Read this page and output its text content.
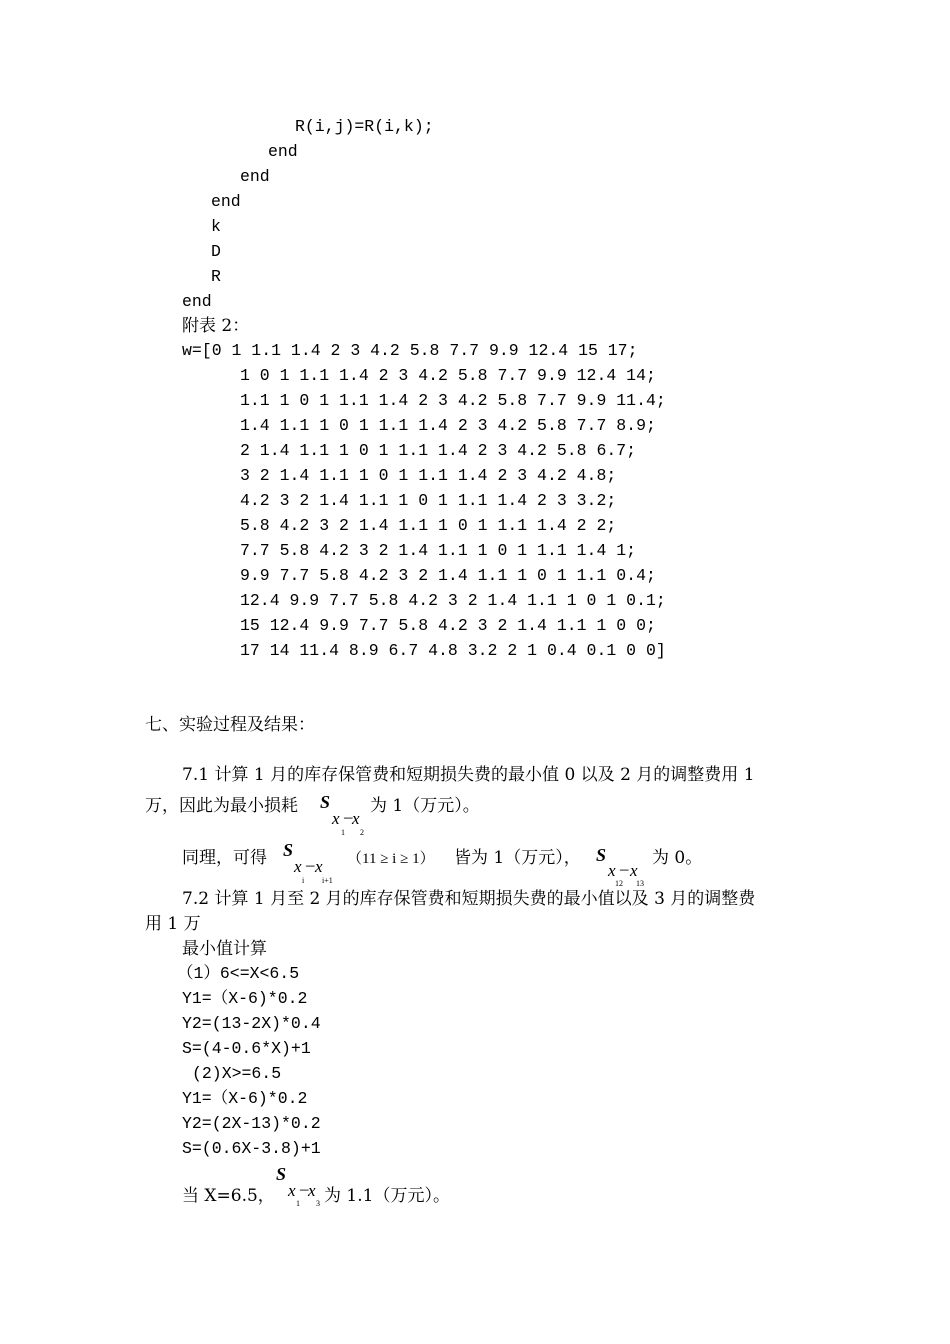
R(i,j)=R(i,k);
end
end
end
k
D
R
end
附表 2：
w=[0 1 1.1 1.4 2 3 4.2 5.8 7.7 9.9 12.4 15 17;
1 0 1 1.1 1.4 2 3 4.2 5.8 7.7 9.9 12.4 14;
1.1 1 0 1 1.1 1.4 2 3 4.2 5.8 7.7 9.9 11.4;
1.4 1.1 1 0 1 1.1 1.4 2 3 4.2 5.8 7.7 8.9;
2 1.4 1.1 1 0 1 1.1 1.4 2 3 4.2 5.8 6.7;
3 2 1.4 1.1 1 0 1 1.1 1.4 2 3 4.2 4.8;
4.2 3 2 1.4 1.1 1 0 1 1.1 1.4 2 3 3.2;
5.8 4.2 3 2 1.4 1.1 1 0 1 1.1 1.4 2 2;
7.7 5.8 4.2 3 2 1.4 1.1 1 0 1 1.1 1.4 1;
9.9 7.7 5.8 4.2 3 2 1.4 1.1 1 0 1 1.1 0.4;
12.4 9.9 7.7 5.8 4.2 3 2 1.4 1.1 1 0 1 0.1;
15 12.4 9.9 7.7 5.8 4.2 3 2 1.4 1.1 1 0 0;
17 14 11.4 8.9 6.7 4.8 3.2 2 1 0.4 0.1 0 0]
七、实验过程及结果：
7.1 计算 1 月的库存保管费和短期损失费的最小值 0 以及 2 月的调整费用 1
万，因此为最小损耗 S
x – x
1 2
为 1（万元）。
同理，可得 S
x – x
i i+1
（11 ≥ i ≥ 1） 皆为 1（万元）， S
x – x
12 13
为 0。
7.2 计算 1 月至 2 月的库存保管费和短期损失费的最小值以及 3 月的调整费
用 1 万
最小值计算
（1）6<=X<6.5
Y1=（X-6)*0.2
Y2=(13-2X)*0.4
S=(4-0.6*X)+1
(2)X>=6.5
Y1=（X-6)*0.2
Y2=(2X-13)*0.2
S=(0.6X-3.8)+1
当 X=6.5，
S
x – x
1 3 为 1.1（万元）。
